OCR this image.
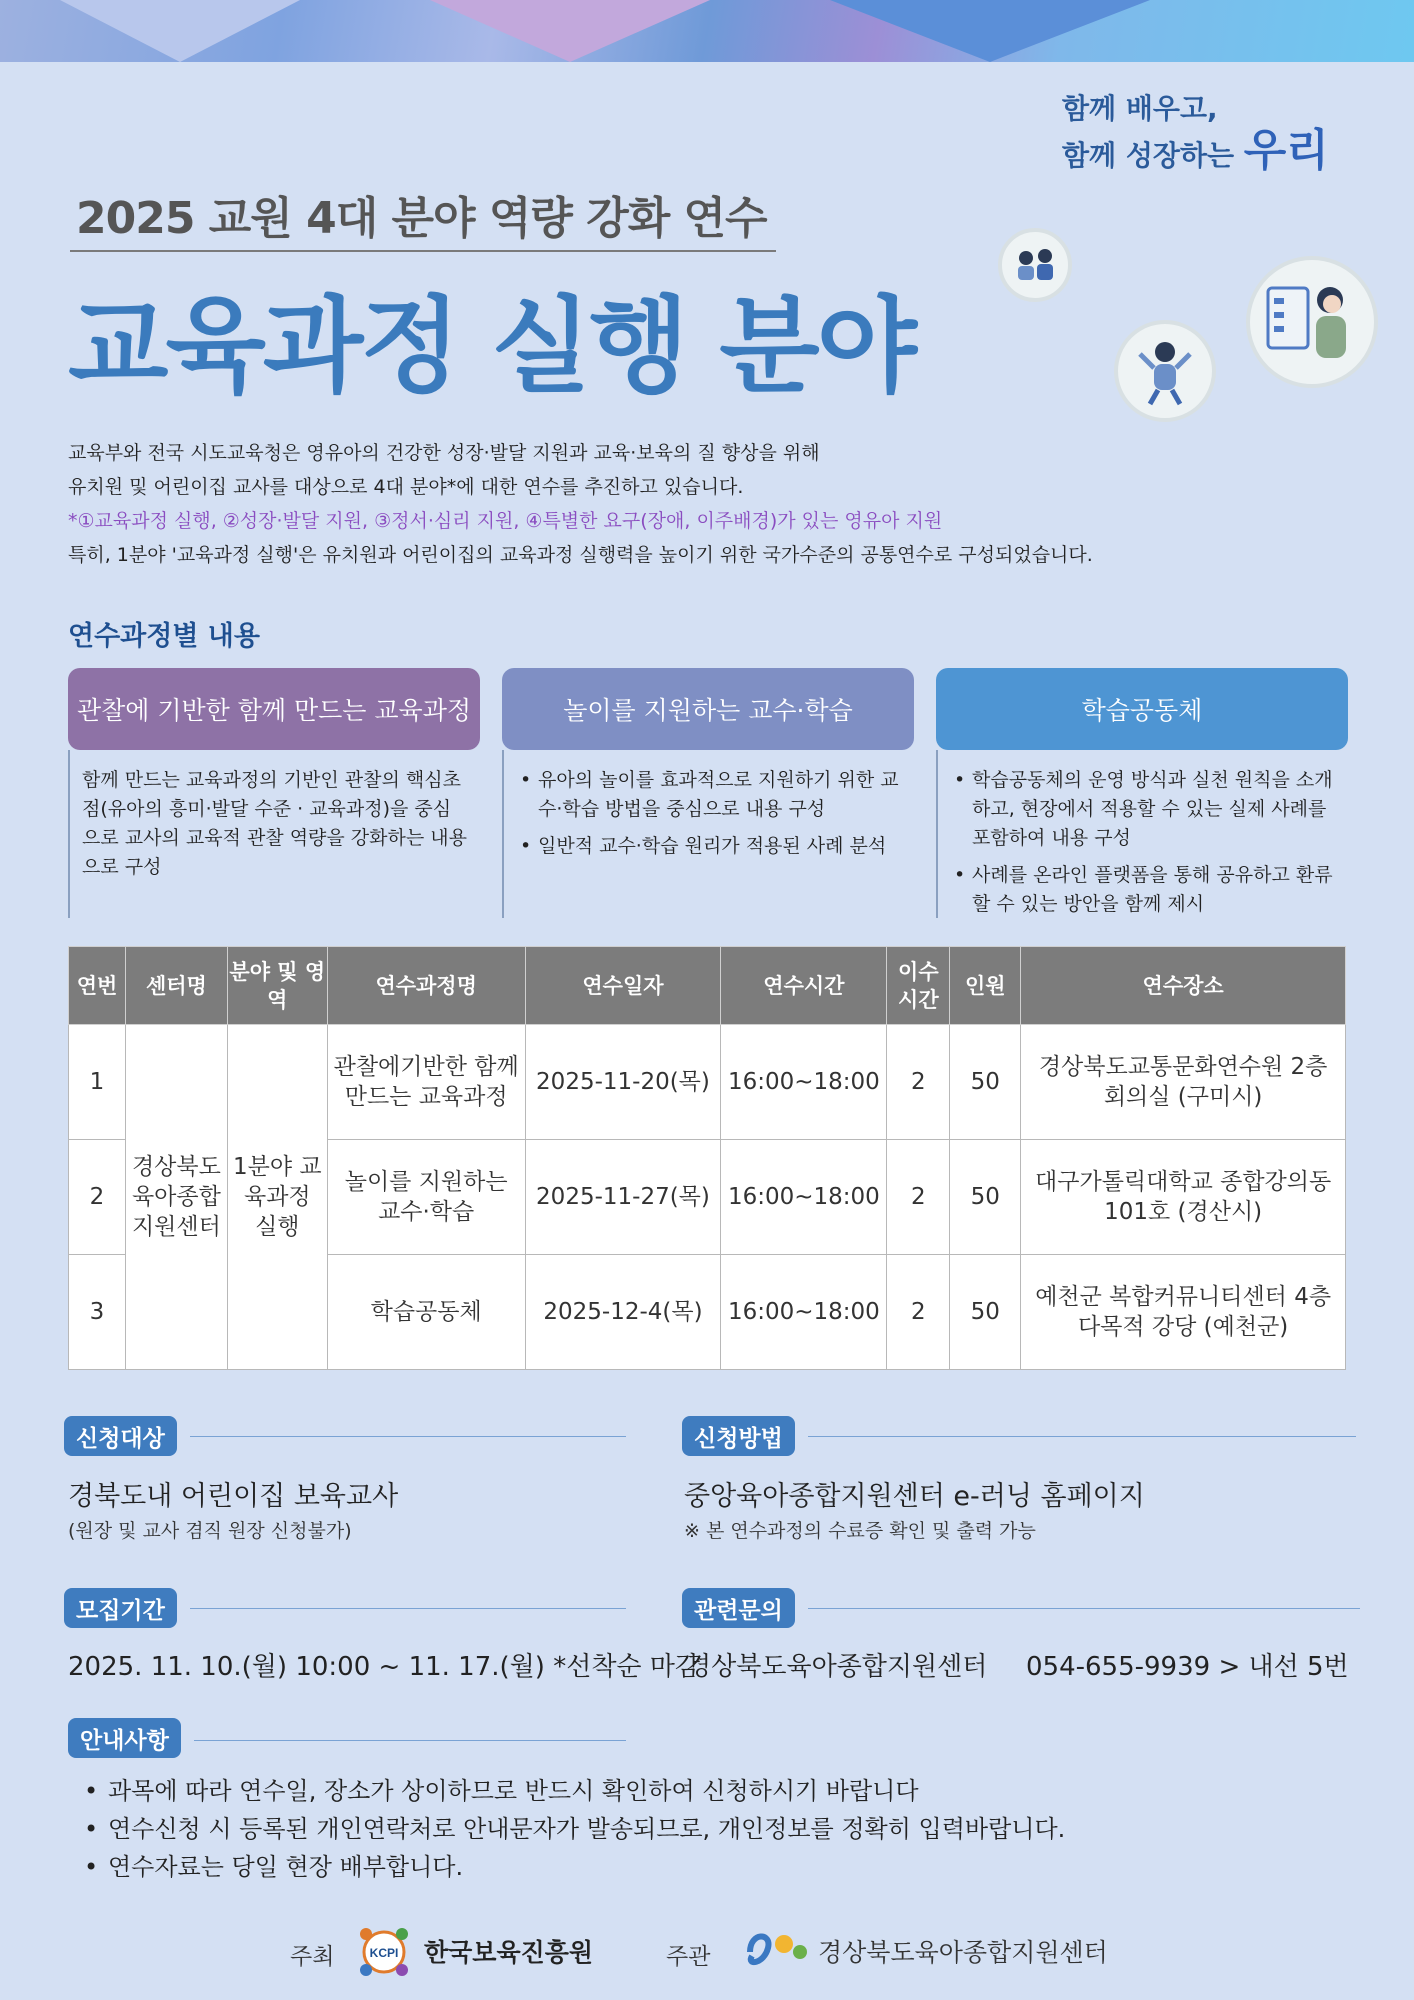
함께 배우고,
함께 성장하는 우리
2025 교원 4대 분야 역량 강화 연수
교육과정 실행 분야
교육부와 전국 시도교육청은 영유아의 건강한 성장·발달 지원과 교육·보육의 질 향상을 위해
유치원 및 어린이집 교사를 대상으로 4대 분야*에 대한 연수를 추진하고 있습니다.
*①교육과정 실행, ②성장·발달 지원, ③정서·심리 지원, ④특별한 요구(장애, 이주배경)가 있는 영유아 지원
특히, 1분야 '교육과정 실행'은 유치원과 어린이집의 교육과정 실행력을 높이기 위한 국가수준의 공통연수로 구성되었습니다.
연수과정별 내용
관찰에 기반한 함께 만드는 교육과정
함께 만드는 교육과정의 기반인 관찰의 핵심초점(유아의 흥미·발달 수준 · 교육과정)을 중심으로 교사의 교육적 관찰 역량을 강화하는 내용으로 구성
놀이를 지원하는 교수·학습
• 유아의 놀이를 효과적으로 지원하기 위한 교수·학습 방법을 중심으로 내용 구성
• 일반적 교수·학습 원리가 적용된 사례 분석
학습공동체
• 학습공동체의 운영 방식과 실천 원칙을 소개하고, 현장에서 적용할 수 있는 실제 사례를 포함하여 내용 구성
• 사례를 온라인 플랫폼을 통해 공유하고 환류할 수 있는 방안을 함께 제시
연번	센터명	분야 및 영역	연수과정명	연수일자	연수시간	이수 시간	인원	연수장소
1	경상북도 육아종합 지원센터	1분야 교육과정 실행	관찰에기반한 함께만드는 교육과정	2025-11-20(목)	16:00~18:00	2	50	경상북도교통문화연수원 2층 회의실 (구미시)
2			놀이를 지원하는 교수·학습	2025-11-27(목)	16:00~18:00	2	50	대구가톨릭대학교 종합강의동 101호 (경산시)
3			학습공동체	2025-12-4(목)	16:00~18:00	2	50	예천군 복합커뮤니티센터 4층 다목적 강당 (예천군)
신청대상
경북도내 어린이집 보육교사
(원장 및 교사 겸직 원장 신청불가)
신청방법
중앙육아종합지원센터 e-러닝 홈페이지
※ 본 연수과정의 수료증 확인 및 출력 가능
모집기간
2025. 11. 10.(월) 10:00 ~ 11. 17.(월) *선착순 마감
관련문의
경상북도육아종합지원센터 054-655-9939 > 내선 5번
안내사항
• 과목에 따라 연수일, 장소가 상이하므로 반드시 확인하여 신청하시기 바랍니다
• 연수신청 시 등록된 개인연락처로 안내문자가 발송되므로, 개인정보를 정확히 입력바랍니다.
• 연수자료는 당일 현장 배부합니다.
주최	KCPI 한국보육진흥원	주관	경상북도육아종합지원센터
